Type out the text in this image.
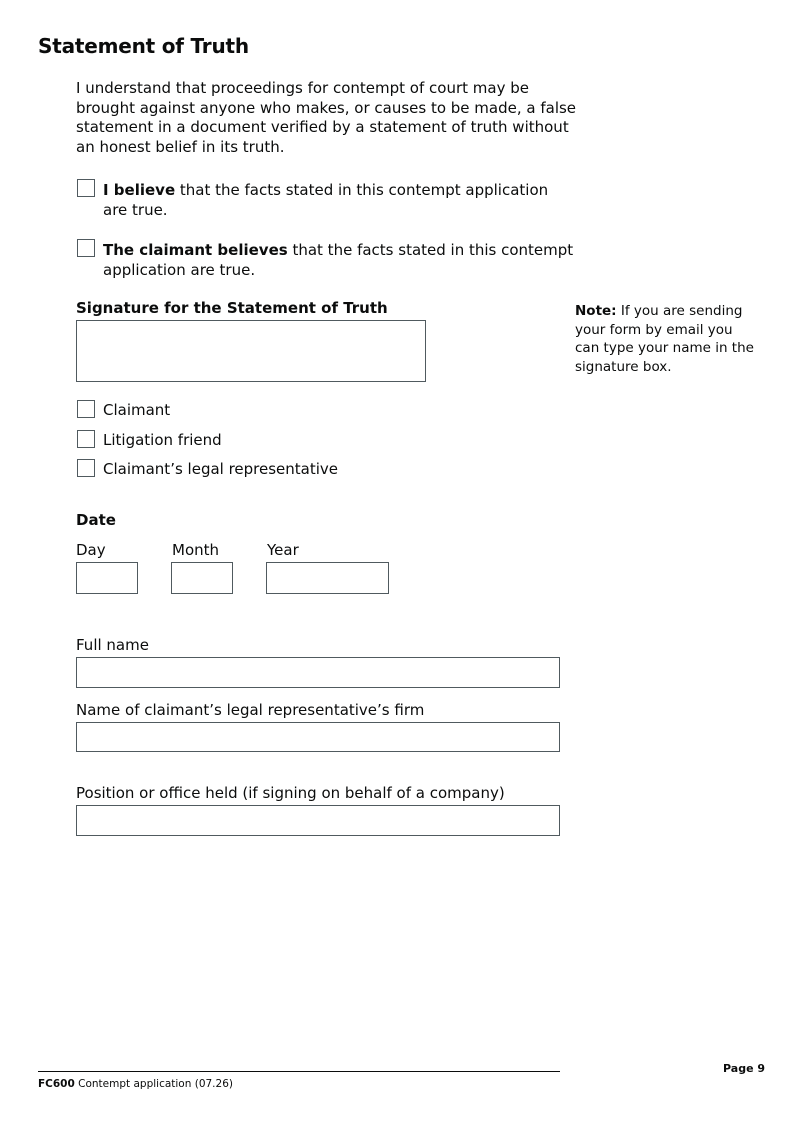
Statement of Truth
I understand that proceedings for contempt of court may be
brought against anyone who makes, or causes to be made, a false
statement in a document verified by a statement of truth without
an honest belief in its truth.
I believe that the facts stated in this contempt application
are true.
The claimant believes that the facts stated in this contempt
application are true.
Signature for the Statement of Truth	Note: If you are sending
your form by email you
can type your name in the
signature box.
Claimant
Litigation friend
Claimant’s legal representative
Date
Day	Month	Year
Full name
Name of claimant’s legal representative’s firm
Position or office held (if signing on behalf of a company)
Page 9
FC600 Contempt application (07.26)
